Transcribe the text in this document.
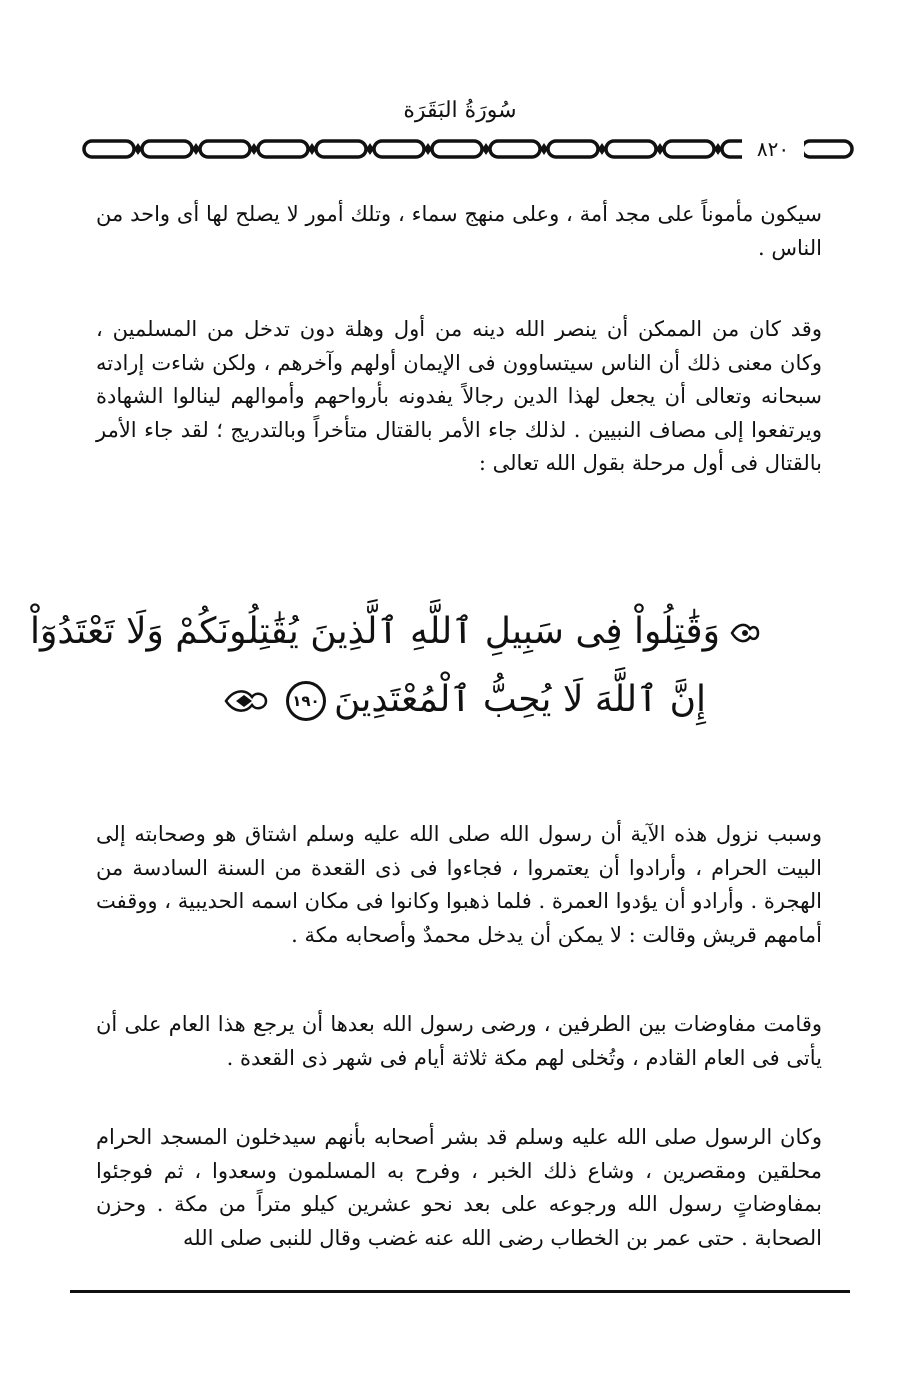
سُورَةُ البَقَرَة
٨٢٠

سيكون مأموناً على مجد أمة ، وعلى منهج سماء ، وتلك أمور لا يصلح لها أى واحد من الناس .

وقد كان من الممكن أن ينصر الله دينه من أول وهلة دون تدخل من المسلمين ، وكان معنى ذلك أن الناس سيتساوون فى الإيمان أولهم وآخرهم ، ولكن شاءت إرادته سبحانه وتعالى أن يجعل لهذا الدين رجالاً يفدونه بأرواحهم وأموالهم لينالوا الشهادة ويرتفعوا إلى مصاف النبيين . لذلك جاء الأمر بالقتال متأخراً وبالتدريج ؛ لقد جاء الأمر بالقتال فى أول مرحلة بقول الله تعالى :

وَقَٰتِلُواْ فِى سَبِيلِ ٱللَّهِ ٱلَّذِينَ يُقَٰتِلُونَكُمْ وَلَا تَعْتَدُوٓاْ
إِنَّ ٱللَّهَ لَا يُحِبُّ ٱلْمُعْتَدِينَ١٩٠

وسبب نزول هذه الآية أن رسول الله صلى الله عليه وسلم اشتاق هو وصحابته إلى البيت الحرام ، وأرادوا أن يعتمروا ، فجاءوا فى ذى القعدة من السنة السادسة من الهجرة . وأرادو أن يؤدوا العمرة . فلما ذهبوا وكانوا فى مكان اسمه الحديبية ، ووقفت أمامهم قريش وقالت : لا يمكن أن يدخل محمدٌ وأصحابه مكة .

وقامت مفاوضات بين الطرفين ، ورضى رسول الله بعدها أن يرجع هذا العام على أن يأتى فى العام القادم ، وتُخلى لهم مكة ثلاثة أيام فى شهر ذى القعدة .

وكان الرسول صلى الله عليه وسلم قد بشر أصحابه بأنهم سيدخلون المسجد الحرام محلقين ومقصرين ، وشاع ذلك الخبر ، وفرح به المسلمون وسعدوا ، ثم فوجئوا بمفاوضاتٍ رسول الله ورجوعه على بعد نحو عشرين كيلو متراً من مكة . وحزن الصحابة . حتى عمر بن الخطاب رضى الله عنه غضب وقال للنبى صلى الله
